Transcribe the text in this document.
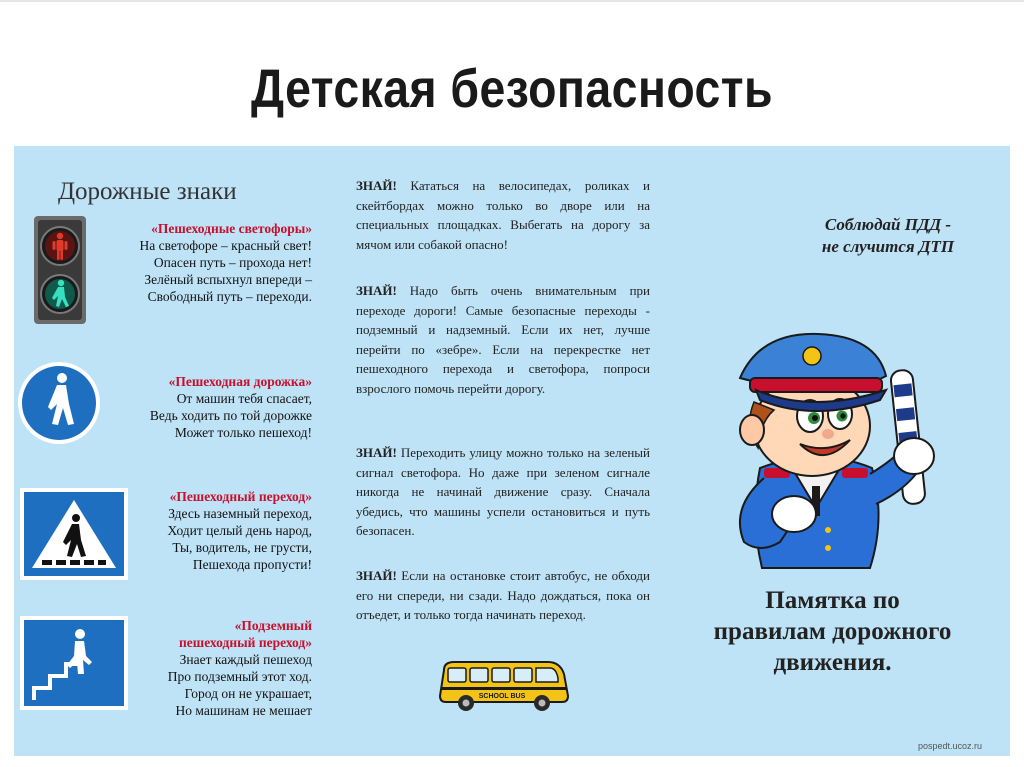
Детская безопасность
Дорожные знаки
«Пешеходные светофоры»
На светофоре – красный свет!
Опасен путь – прохода нет!
Зелёный вспыхнул впереди –
Свободный путь – переходи.
«Пешеходная дорожка»
От машин тебя спасает,
Ведь ходить по той дорожке
Может только пешеход!
«Пешеходный переход»
Здесь наземный переход,
Ходит целый день народ,
Ты, водитель, не грусти,
Пешехода пропусти!
«Подземный
пешеходный переход»
Знает каждый пешеход
Про подземный этот ход.
Город он не украшает,
Но машинам не мешает
ЗНАЙ! Кататься на велосипедах, роликах и скейтбордах можно только во дворе или на специальных площадках. Выбегать на дорогу за мячом или собакой опасно!
ЗНАЙ! Надо быть очень внимательным при переходе дороги! Самые безопасные переходы - подземный и надземный. Если их нет, лучше перейти по «зебре». Если на перекрестке нет пешеходного перехода и светофора, попроси взрослого помочь перейти дорогу.
ЗНАЙ! Переходить улицу можно только на зеленый сигнал светофора. Но даже при зеленом сигнале никогда не начинай движение сразу. Сначала убедись, что машины успели остановиться и путь безопасен.
ЗНАЙ! Если на остановке стоит автобус, не обходи его ни спереди, ни сзади. Надо дождаться, пока он отъедет, и только тогда начинать переход.
SCHOOL BUS
Соблюдай ПДД -
не случится ДТП
Памятка по
правилам дорожного
движения.
pospedt.ucoz.ru
